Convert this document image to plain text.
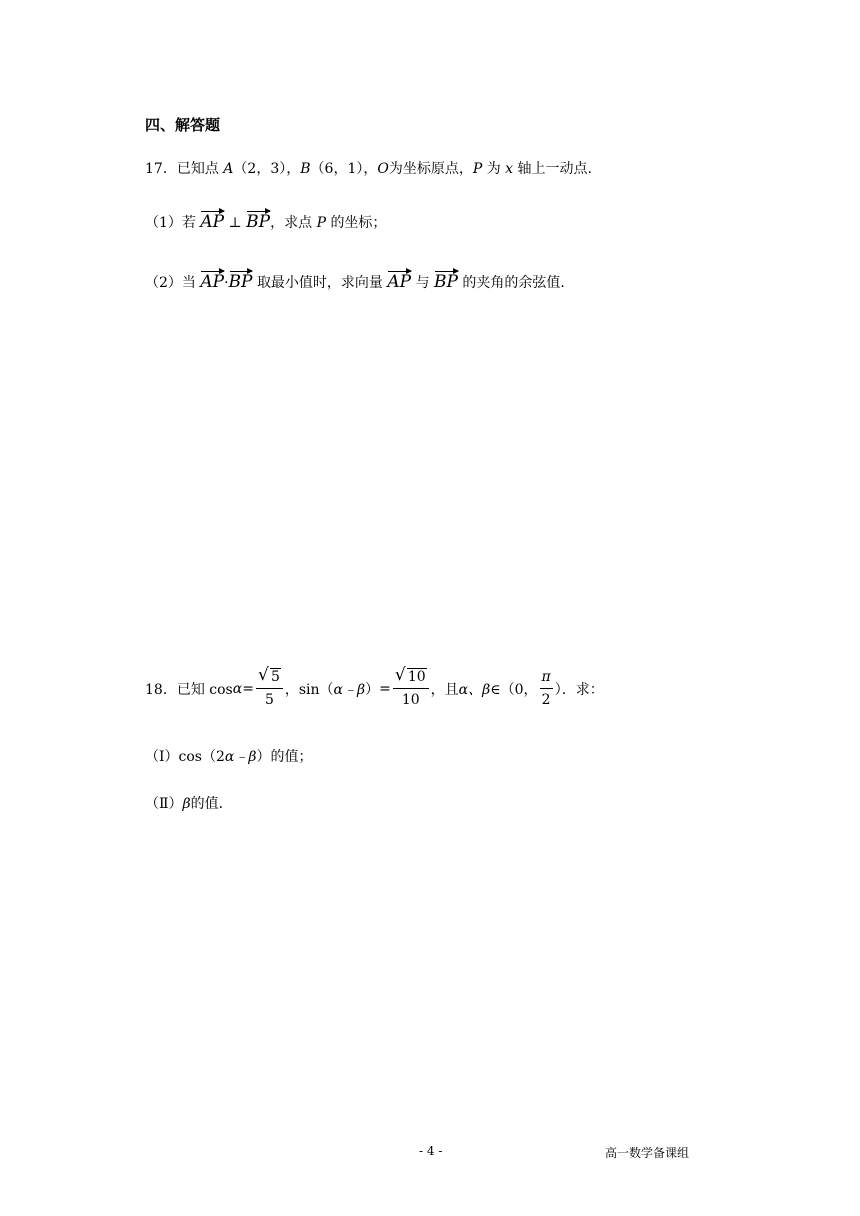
四、解答题
17．已知点 A（2，3），B（6，1），O为坐标原点，P 为 x 轴上一动点.
（1）若 AP ⊥ BP，求点 P 的坐标；
（2）当 AP·BP 取最小值时，求向量 AP 与 BP 的夹角的余弦值.
18． 已知 $\cos \alpha = \frac{√ 5}{5}$ ， sin（ α﹣β ） = $\frac{√ 10}{10}$ ，且 α、β ∈（0， $\frac{\pi}{2}$ ）．求：
（Ⅰ）cos（2α﹣β）的值；
（Ⅱ）β的值．
- 4 -	高一数学备课组
